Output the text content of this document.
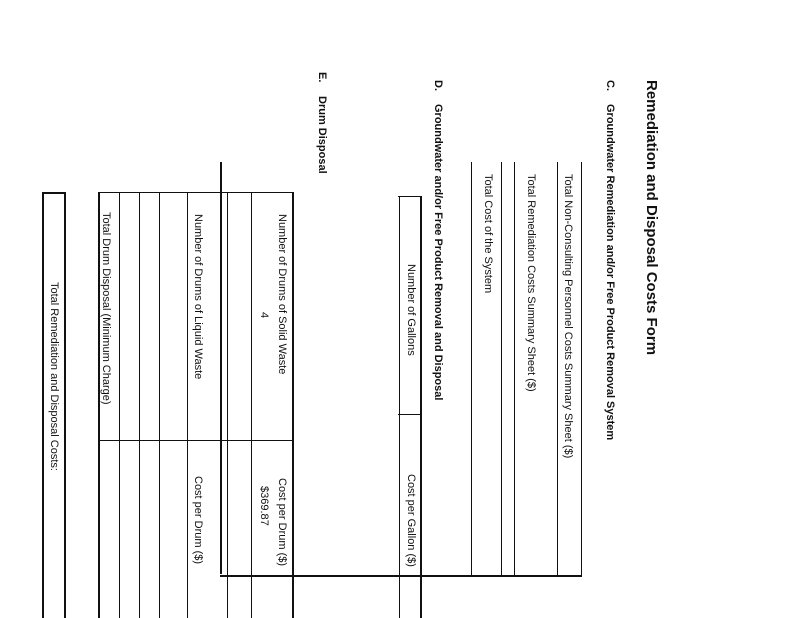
Remediation and Disposal Costs Form
C.Groundwater Remediation and/or Free Product Removal System
Total Non-Consulting Personnel Costs Summary Sheet ($)
Total Remediation Costs Summary Sheet ($)
Total Cost of the System
D.Groundwater and/or Free Product Removal and Disposal
Number of Gallons
Cost per Gallon ($)
E.Drum Disposal
Number of Drums of Solid Waste
4
Cost per Drum ($)
$369.87
Number of Drums of Liquid Waste
Cost per Drum ($)
Total Drum Disposal (Minimum Charge)
Total Remediation and Disposal Costs:
